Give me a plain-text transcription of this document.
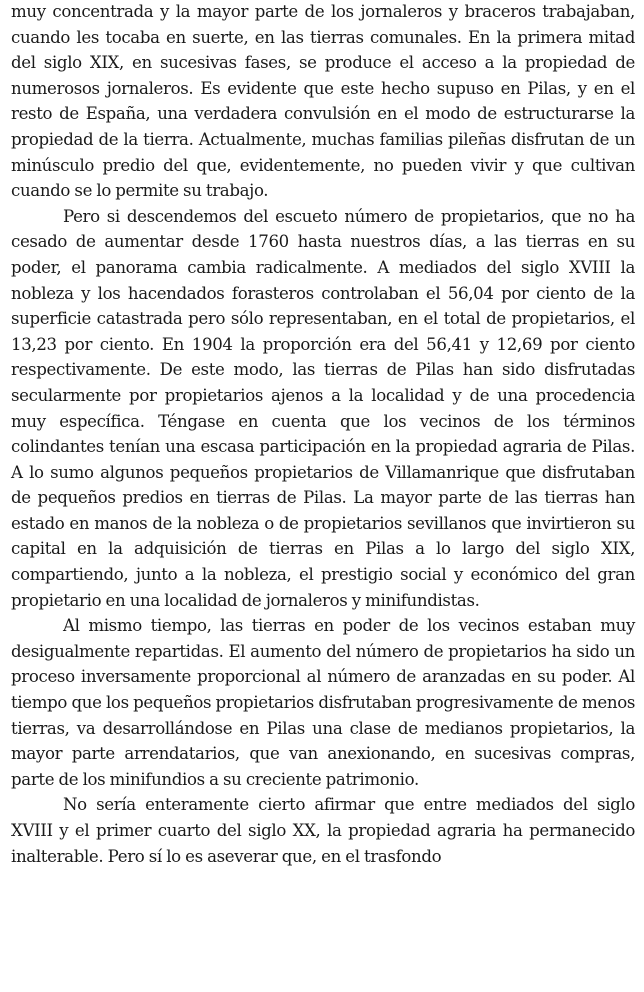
muy concentrada y la mayor parte de los jornaleros y braceros trabajaban, cuando les tocaba en suerte, en las tierras comunales. En la primera mitad del siglo XIX, en sucesivas fases, se produce el acceso a la propiedad de numerosos jornaleros. Es evidente que este hecho supuso en Pilas, y en el resto de España, una verdadera convulsión en el modo de estructurarse la propiedad de la tierra. Actualmente, muchas familias pileñas disfrutan de un minúsculo predio del que, evidentemente, no pueden vivir y que cultivan cuando se lo permite su trabajo.

Pero si descendemos del escueto número de propietarios, que no ha cesado de aumentar desde 1760 hasta nuestros días, a las tierras en su poder, el panorama cambia radicalmente. A mediados del siglo XVIII la nobleza y los hacendados forasteros controlaban el 56,04 por ciento de la superficie catastrada pero sólo representaban, en el total de propietarios, el 13,23 por ciento. En 1904 la proporción era del 56,41 y 12,69 por ciento respectivamente. De este modo, las tierras de Pilas han sido disfrutadas secularmente por propietarios ajenos a la localidad y de una procedencia muy específica. Téngase en cuenta que los vecinos de los términos colindantes tenían una escasa participación en la propiedad agraria de Pilas. A lo sumo algunos pequeños propietarios de Villamanrique que disfrutaban de pequeños predios en tierras de Pilas. La mayor parte de las tierras han estado en manos de la nobleza o de propietarios sevillanos que invirtieron su capital en la adquisición de tierras en Pilas a lo largo del siglo XIX, compartiendo, junto a la nobleza, el prestigio social y económico del gran propietario en una localidad de jornaleros y minifundistas.

Al mismo tiempo, las tierras en poder de los vecinos estaban muy desigualmente repartidas. El aumento del número de propietarios ha sido un proceso inversamente proporcional al número de aranzadas en su poder. Al tiempo que los pequeños propietarios disfrutaban progresivamente de menos tierras, va desarrollándose en Pilas una clase de medianos propietarios, la mayor parte arrendatarios, que van anexionando, en sucesivas compras, parte de los minifundios a su creciente patrimonio.

No sería enteramente cierto afirmar que entre mediados del siglo XVIII y el primer cuarto del siglo XX, la propiedad agraria ha permanecido inalterable. Pero sí lo es aseverar que, en el trasfondo
